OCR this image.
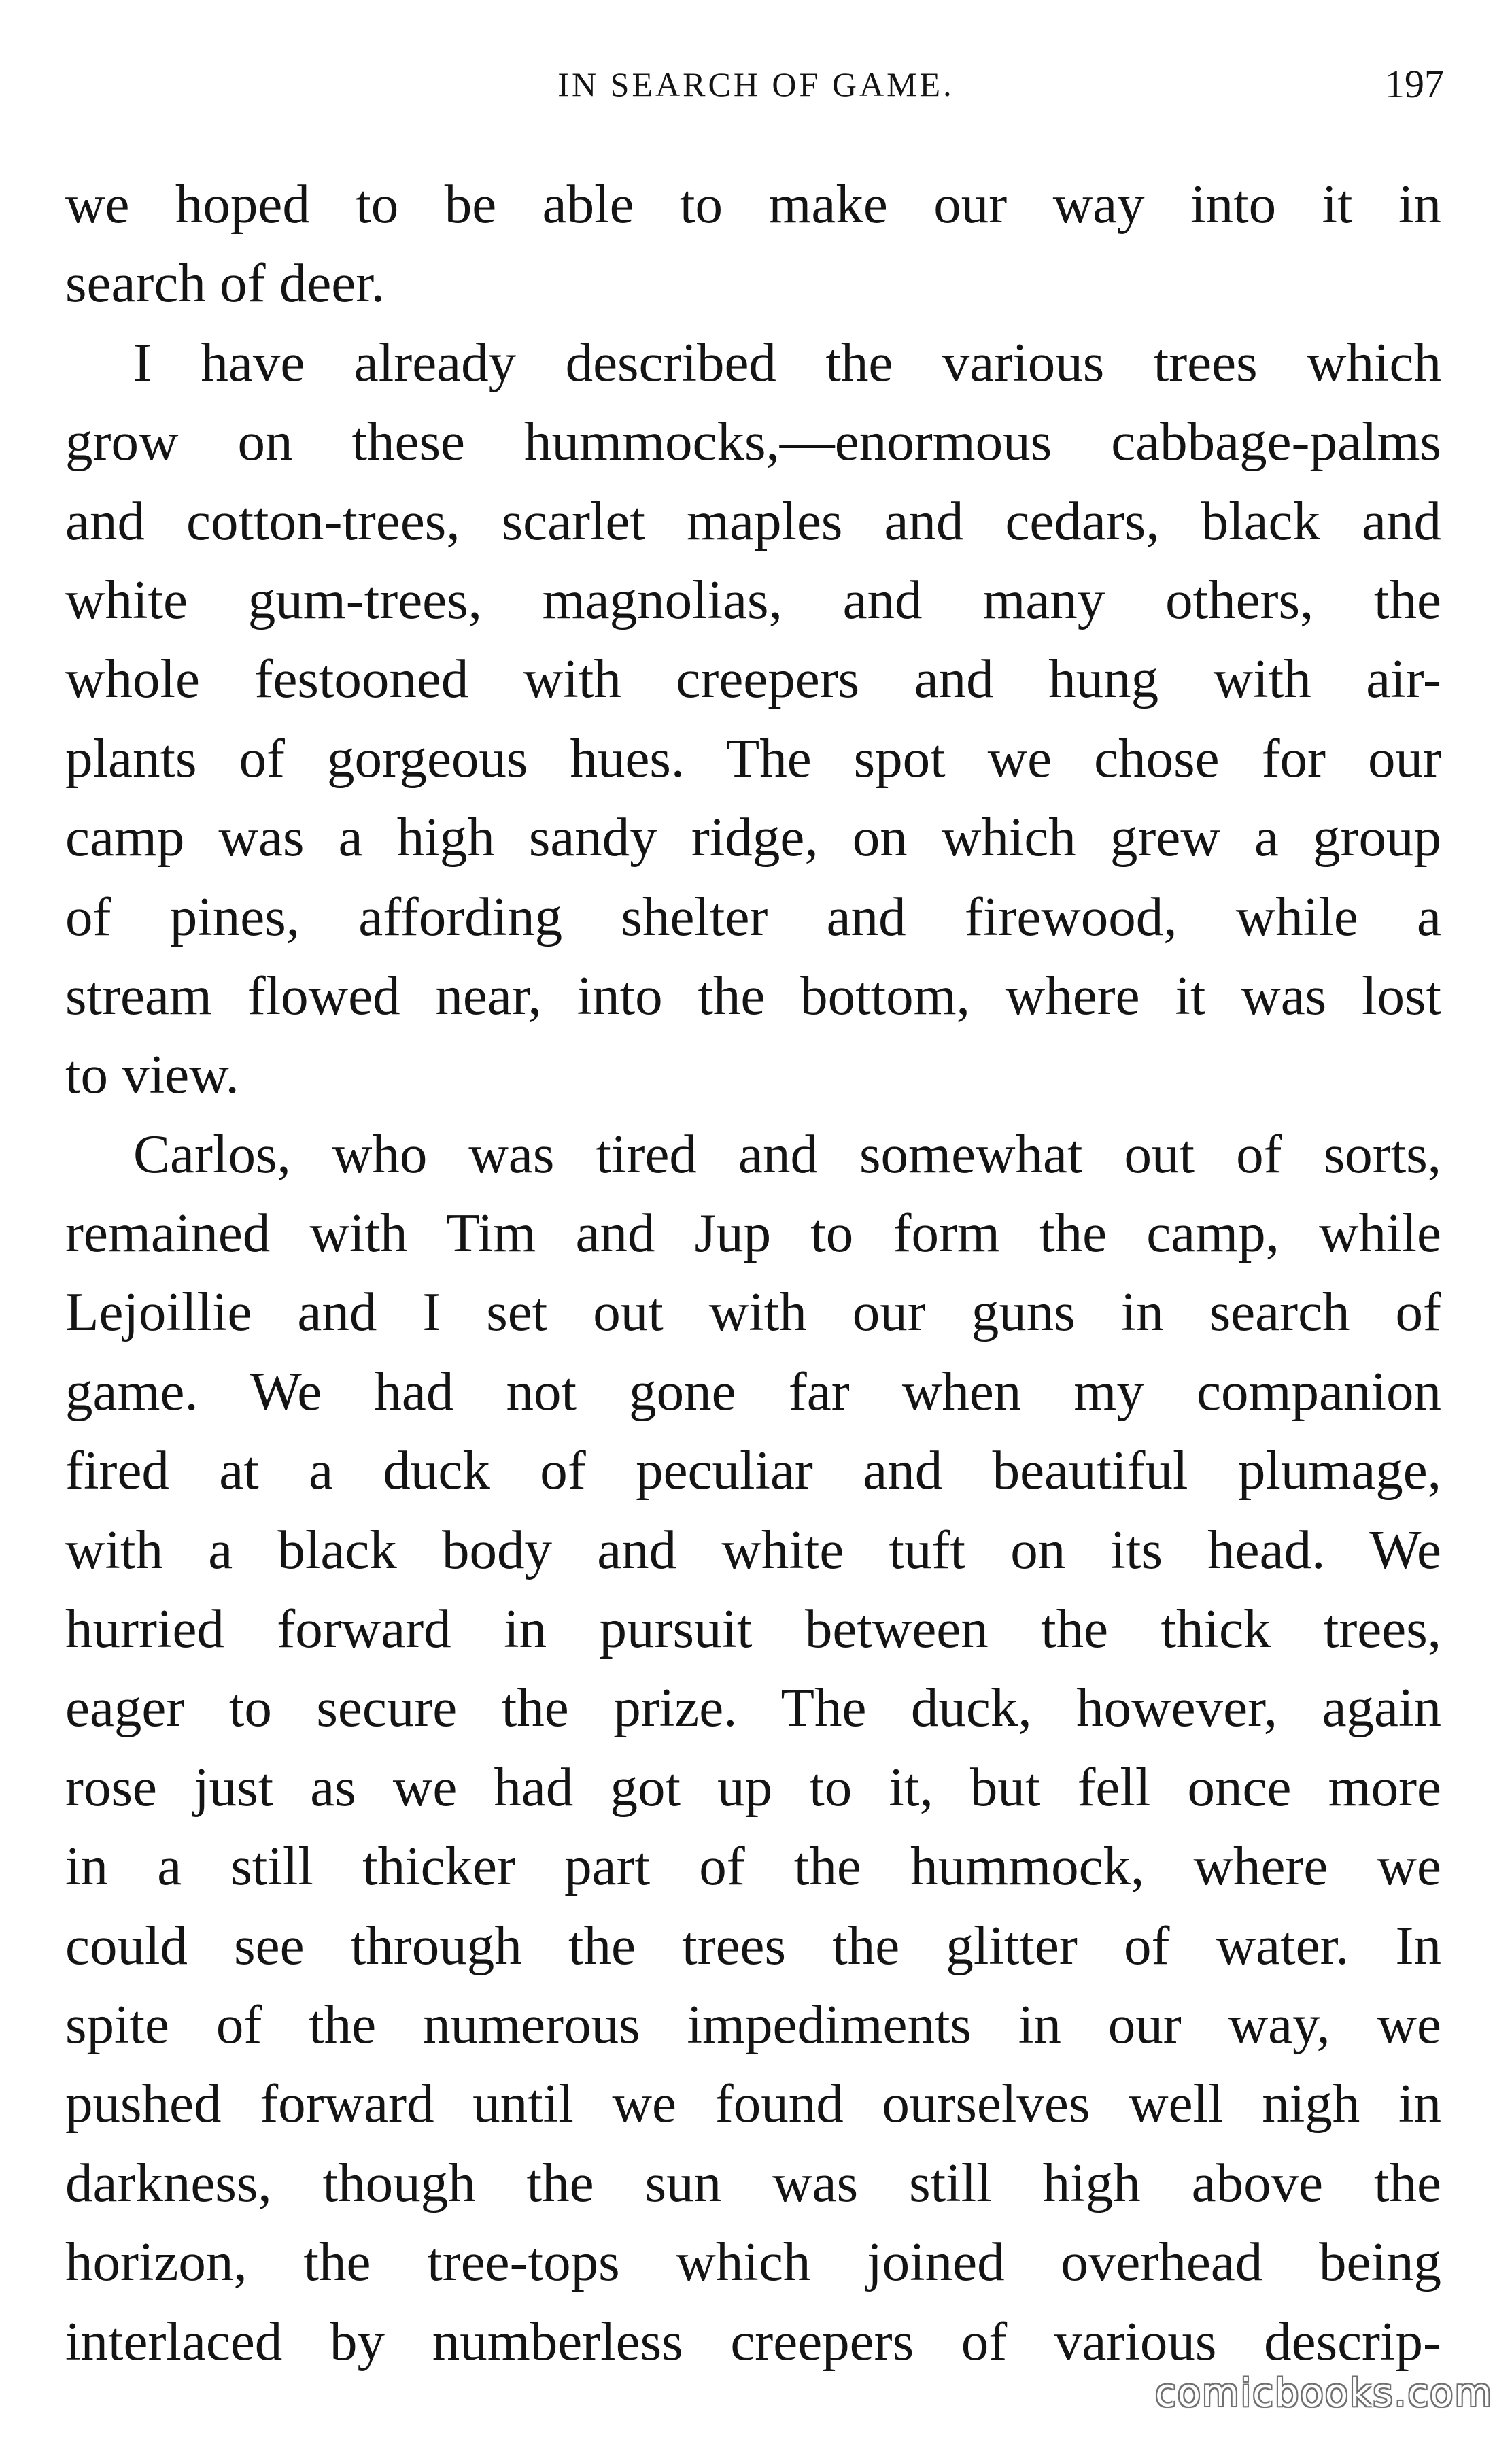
IN SEARCH OF GAME.	197
we hoped to be able to make our way into it in
search of deer.
I have already described the various trees which
grow on these hummocks,—enormous cabbage-palms
and cotton-trees, scarlet maples and cedars, black and
white gum-trees, magnolias, and many others, the
whole festooned with creepers and hung with air-
plants of gorgeous hues. The spot we chose for our
camp was a high sandy ridge, on which grew a group
of pines, affording shelter and firewood, while a
stream flowed near, into the bottom, where it was lost
to view.
Carlos, who was tired and somewhat out of sorts,
remained with Tim and Jup to form the camp, while
Lejoillie and I set out with our guns in search of
game. We had not gone far when my companion
fired at a duck of peculiar and beautiful plumage,
with a black body and white tuft on its head. We
hurried forward in pursuit between the thick trees,
eager to secure the prize. The duck, however, again
rose just as we had got up to it, but fell once more
in a still thicker part of the hummock, where we
could see through the trees the glitter of water. In
spite of the numerous impediments in our way, we
pushed forward until we found ourselves well nigh in
darkness, though the sun was still high above the
horizon, the tree-tops which joined overhead being
interlaced by numberless creepers of various descrip-
comicbooks.com
